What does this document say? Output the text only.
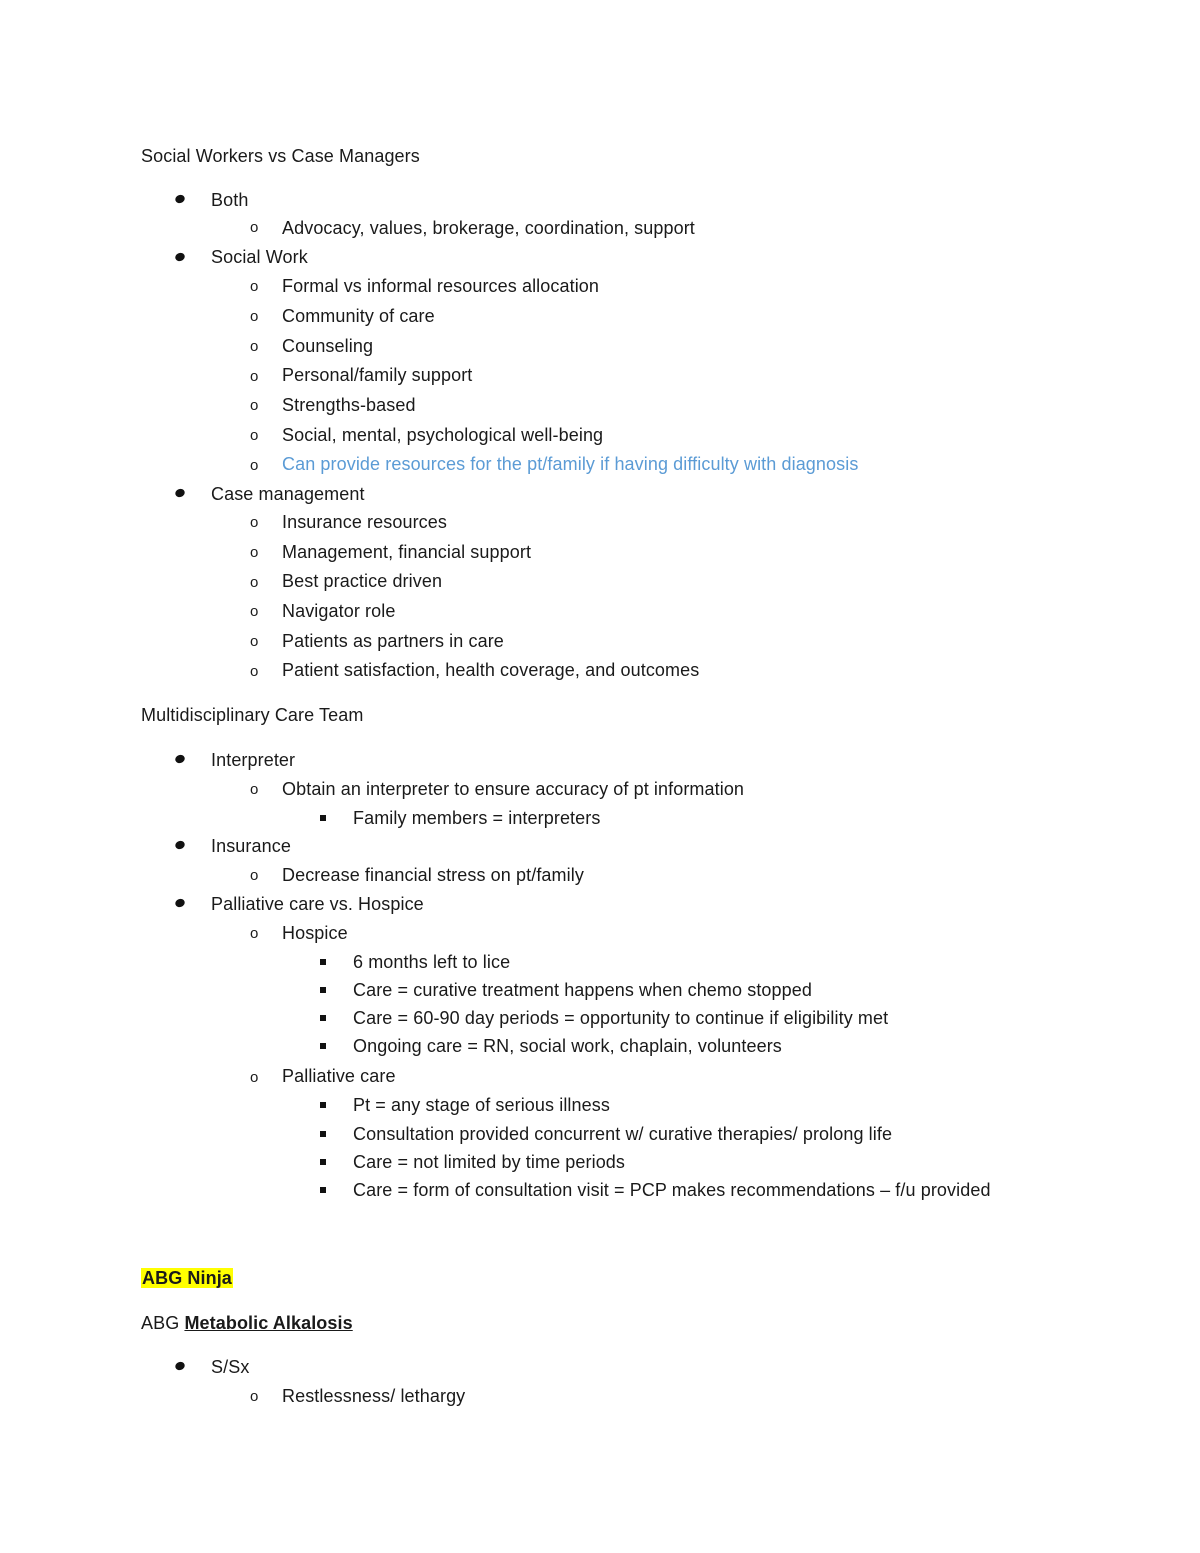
Social Workers vs Case Managers
Both
o Advocacy, values, brokerage, coordination, support
Social Work
o Formal vs informal resources allocation
o Community of care
o Counseling
o Personal/family support
o Strengths-based
o Social, mental, psychological well-being
o Can provide resources for the pt/family if having difficulty with diagnosis
Case management
o Insurance resources
o Management, financial support
o Best practice driven
o Navigator role
o Patients as partners in care
o Patient satisfaction, health coverage, and outcomes
Multidisciplinary Care Team
Interpreter
o Obtain an interpreter to ensure accuracy of pt information
Family members = interpreters
Insurance
o Decrease financial stress on pt/family
Palliative care vs. Hospice
o Hospice
6 months left to lice
Care = curative treatment happens when chemo stopped
Care = 60-90 day periods = opportunity to continue if eligibility met
Ongoing care = RN, social work, chaplain, volunteers
o Palliative care
Pt = any stage of serious illness
Consultation provided concurrent w/ curative therapies/ prolong life
Care = not limited by time periods
Care = form of consultation visit = PCP makes recommendations – f/u provided
ABG Ninja
ABG Metabolic Alkalosis
S/Sx
o Restlessness/ lethargy
